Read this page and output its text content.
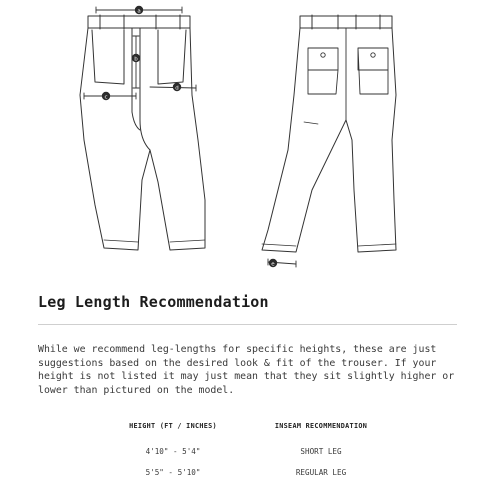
a
b
c
d
e
Leg Length Recommendation

While we recommend leg-lengths for specific heights, these are just suggestions based on the desired look & fit of the trouser. If your height is not listed it may just mean that they sit slightly higher or lower than pictured on the model.

HEIGHT (FT / INCHES)	INSEAM RECOMMENDATION
4'10" - 5'4"	SHORT LEG
5'5" - 5'10"	REGULAR LEG
